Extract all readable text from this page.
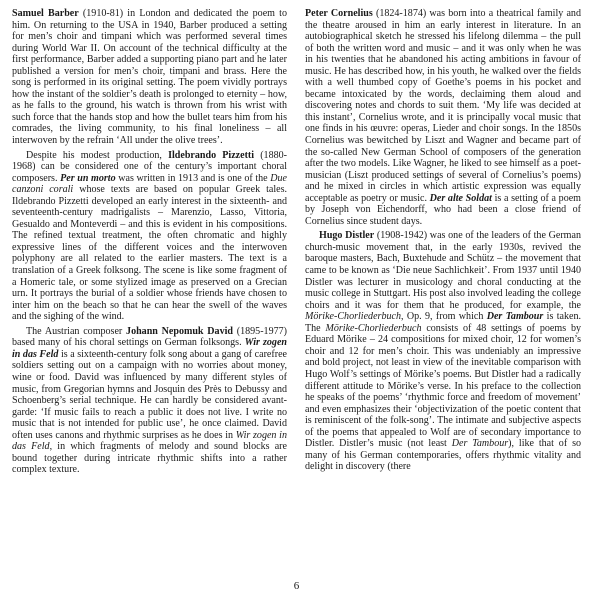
Samuel Barber (1910-81) in London and dedicated the poem to him. On returning to the USA in 1940, Barber produced a setting for men’s choir and timpani which was performed several times during World War II. On account of the technical difficulty at the first performance, Barber added a supporting piano part and he later published a version for men’s choir, timpani and brass. Here the song is performed in its original setting. The poem vividly portrays how the instant of the soldier’s death is prolonged to eternity – how, as he falls to the ground, his watch is thrown from his wrist with such force that the hands stop and how the bullet tears him from his comrades, the living community, to his final loneliness – all interwoven by the refrain ‘All under the olive trees’.

Despite his modest production, Ildebrando Pizzetti (1880-1968) can be considered one of the century’s important choral composers. Per un morto was written in 1913 and is one of the Due canzoni corali whose texts are based on popular Greek tales. Ildebrando Pizzetti developed an early interest in the sixteenth- and seventeenth-century madrigalists – Marenzio, Lasso, Vittoria, Gesualdo and Monteverdi – and this is evident in his compositions. The refined textual treatment, the often chromatic and highly expressive lines of the different voices and the interwoven polyphony are all related to the earlier masters. The text is a translation of a Greek folksong. The scene is like some fragment of a Homeric tale, or some stylized image as preserved on a Grecian urn. It portrays the burial of a soldier whose friends have chosen to inter him on the beach so that he can hear the swell of the waves and the sighing of the wind.

The Austrian composer Johann Nepomuk David (1895-1977) based many of his choral settings on German folksongs. Wir zogen in das Feld is a sixteenth-century folk song about a gang of carefree soldiers setting out on a campaign with no worries about money, wine or food. David was influenced by many different styles of music, from Gregorian hymns and Josquin des Près to Debussy and Schoenberg’s serial technique. He can hardly be considered avant-garde: ‘If music fails to reach a public it does not live. I write no music that is not intended for public use’, he once claimed. David often uses canons and rhythmic surprises as he does in Wir zogen in das Feld, in which fragments of melody and sound blocks are bound together during intricate rhythmic shifts into a rather complex texture.

Peter Cornelius (1824-1874) was born into a theatrical family and the theatre aroused in him an early interest in literature. In an autobiographical sketch he stressed his lifelong dilemma – the pull of both the written word and music – and it was only when he was in his twenties that he abandoned his acting ambitions in favour of music. He has described how, in his youth, he walked over the fields with a well thumbed copy of Goethe’s poems in his pocket and became intoxicated by the words, declaiming them aloud and discovering notes and chords to suit them. ‘My life was decided at this instant’, Cornelius wrote, and it is principally vocal music that one finds in his œuvre: operas, Lieder and choir songs. In the 1850s Cornelius was bewitched by Liszt and Wagner and became part of the so-called New German School of composers of the generation after the two models. Like Wagner, he liked to see himself as a poet-musician (Liszt produced settings of several of Cornelius’s poems) and he mixed in circles in which artistic expression was equally acceptable as poetry or music. Der alte Soldat is a setting of a poem by Joseph von Eichendorff, who had been a close friend of Cornelius since student days.

Hugo Distler (1908-1942) was one of the leaders of the German church-music movement that, in the early 1930s, revived the baroque masters, Bach, Buxtehude and Schütz – the movement that came to be known as ‘Die neue Sachlichkeit’. From 1937 until 1940 Distler was lecturer in musicology and choral conducting at the music college in Stuttgart. His post also involved leading the college choirs and it was for them that he produced, for example, the Mörike-Chorliederbuch, Op. 9, from which Der Tambour is taken. The Mörike-Chorliederbuch consists of 48 settings of poems by Eduard Mörike – 24 compositions for mixed choir, 12 for women’s choir and 12 for men’s choir. This was undeniably an impressive and bold project, not least in view of the inevitable comparison with Hugo Wolf’s settings of Mörike’s poems. But Distler had a radically different attitude to Mörike’s verse. In his preface to the collection he speaks of the poems’ ‘rhythmic force and freedom of movement’ and even emphasizes their ‘objectivization of the poetic content that is reminiscent of the folk-song’. The intimate and subjective aspects of the poems that appealed to Wolf are of secondary importance to Distler. Distler’s music (not least Der Tambour), like that of so many of his German contemporaries, offers rhythmic vitality and delight in discovery (there

6
